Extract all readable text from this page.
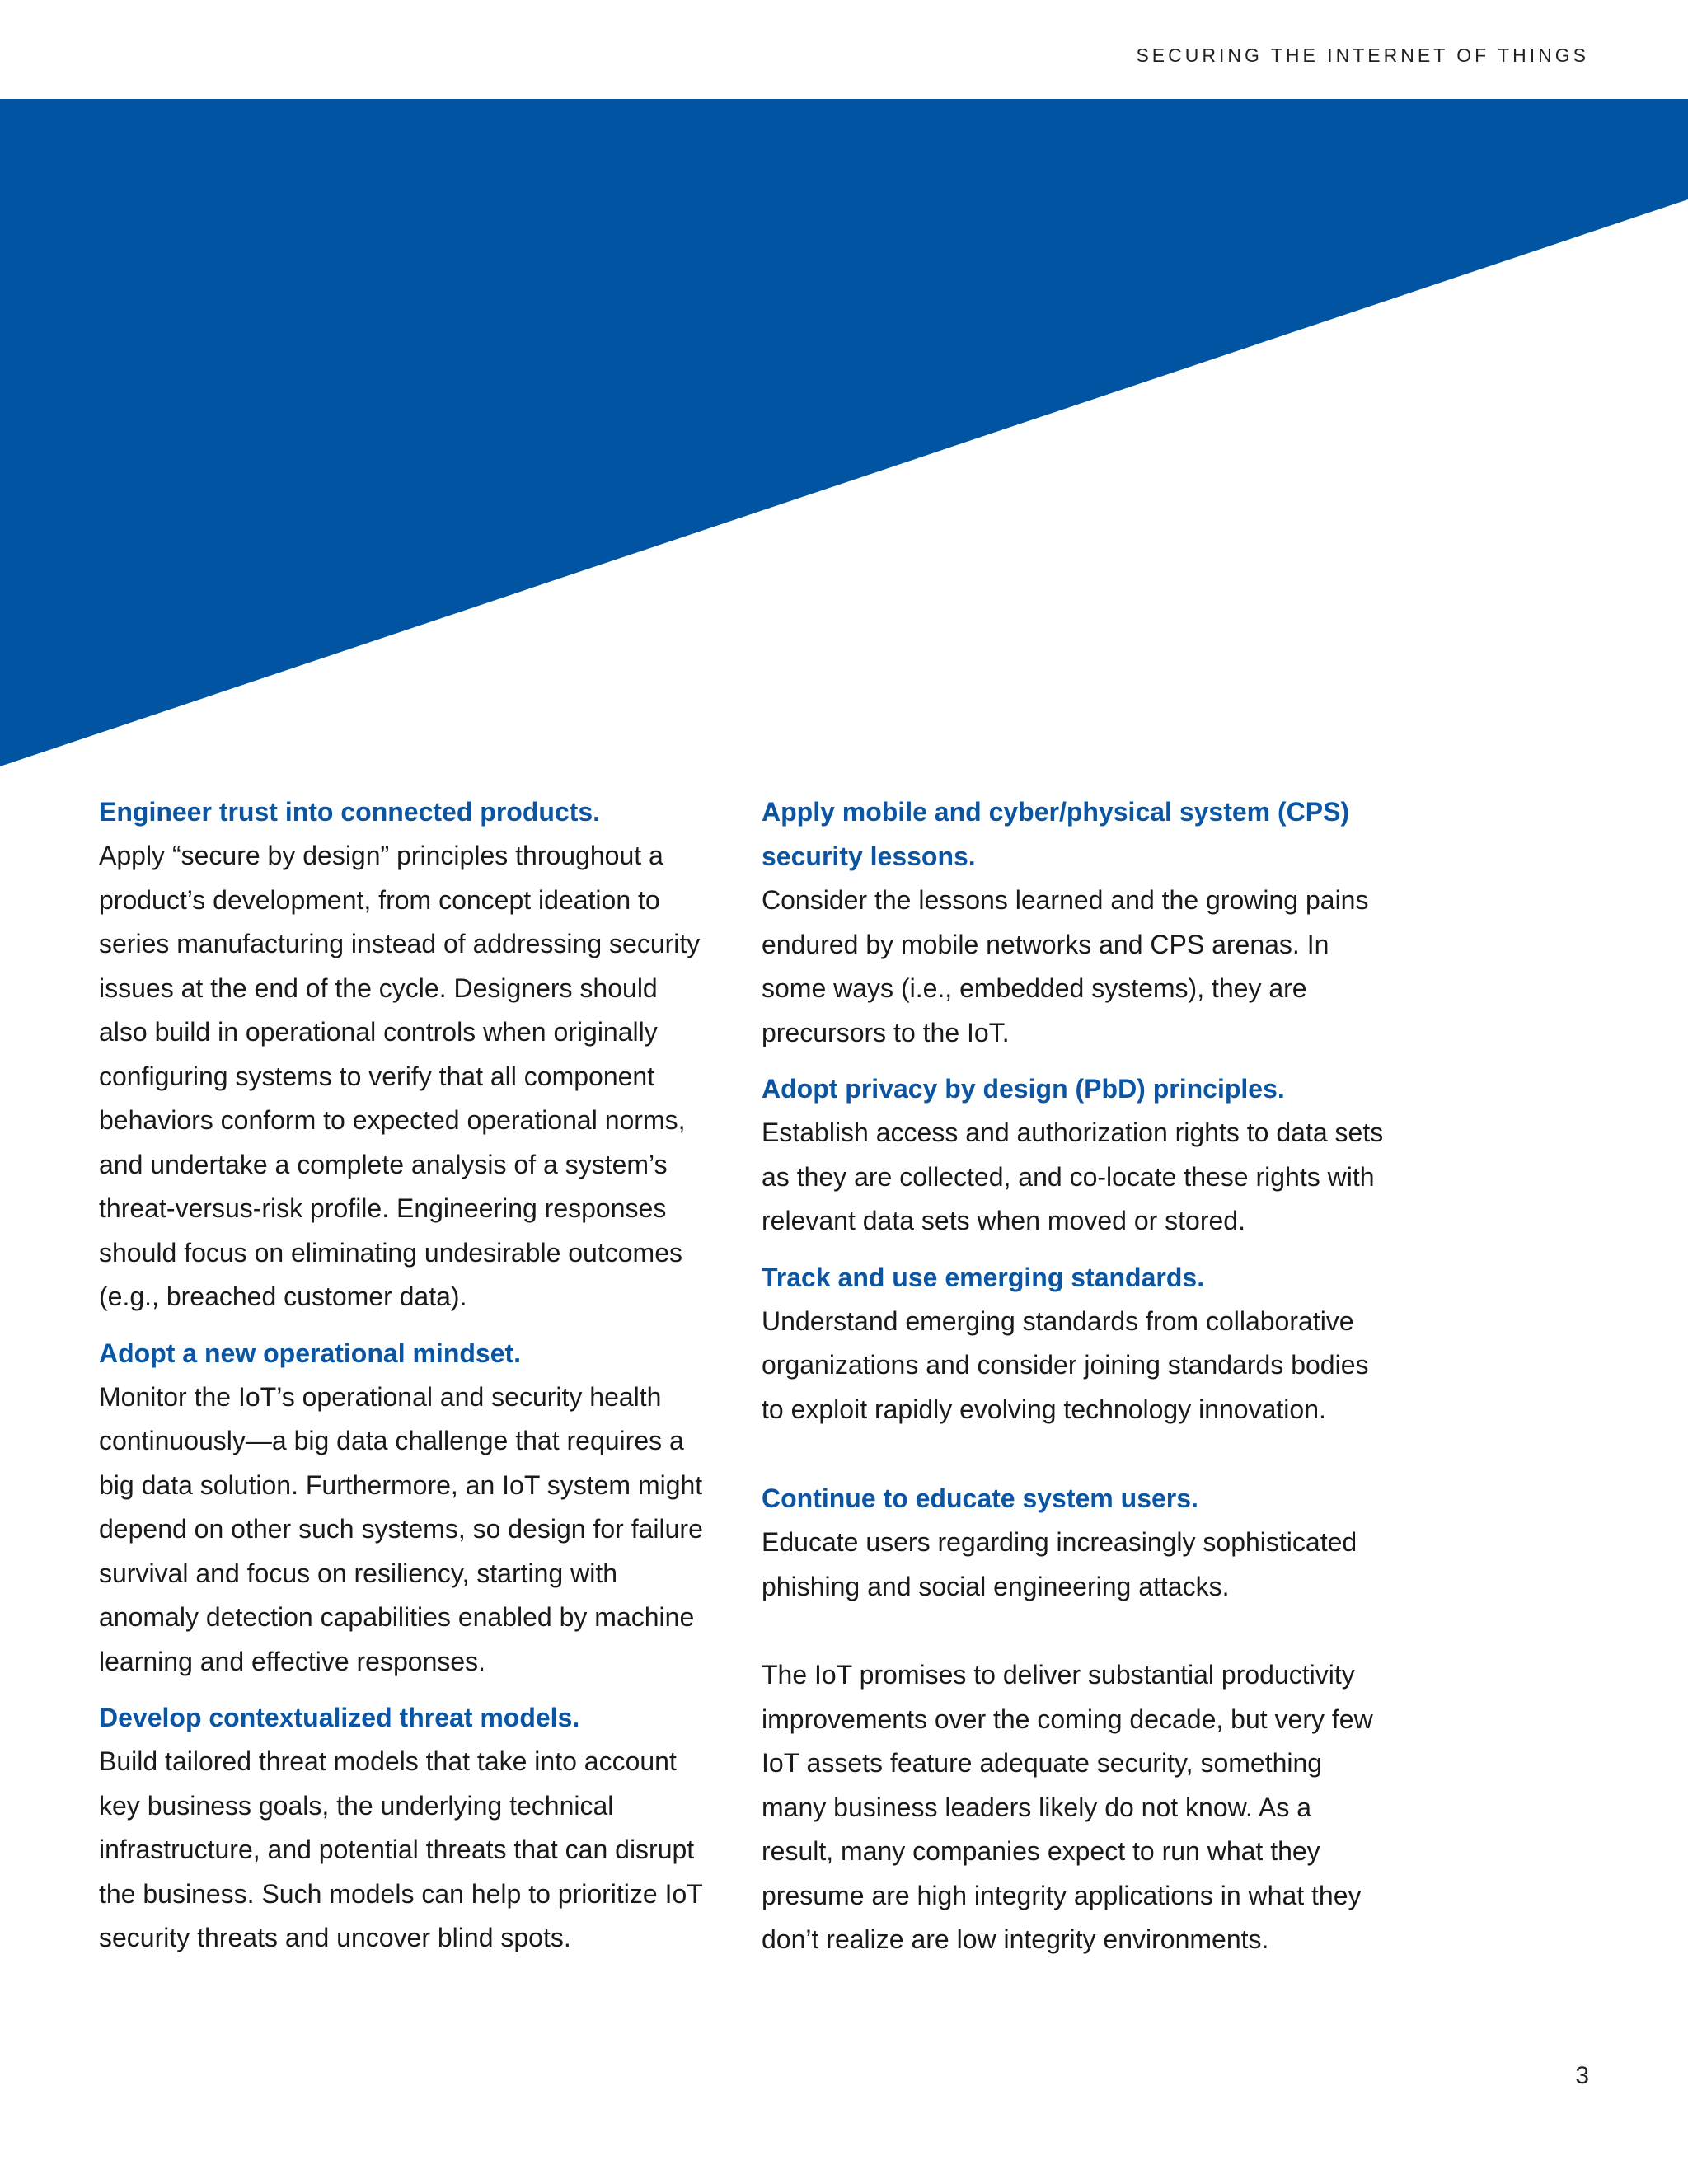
SECURING THE INTERNET OF THINGS
Engineer trust into connected products.

Apply “secure by design” principles throughout a product’s development, from concept ideation to series manufacturing instead of addressing security issues at the end of the cycle. Designers should also build in operational controls when originally configuring systems to verify that all component behaviors conform to expected operational norms, and undertake a complete analysis of a system’s threat-versus-risk profile. Engineering responses should focus on eliminating undesirable outcomes (e.g., breached customer data).

Adopt a new operational mindset.

Monitor the IoT’s operational and security health continuously—a big data challenge that requires a big data solution. Furthermore, an IoT system might depend on other such systems, so design for failure survival and focus on resiliency, starting with anomaly detection capabilities enabled by machine learning and effective responses.

Develop contextualized threat models.

Build tailored threat models that take into account key business goals, the underlying technical infrastructure, and potential threats that can disrupt the business. Such models can help to prioritize IoT security threats and uncover blind spots.

Apply mobile and cyber/physical system (CPS) security lessons.

Consider the lessons learned and the growing pains endured by mobile networks and CPS arenas. In some ways (i.e., embedded systems), they are precursors to the IoT.

Adopt privacy by design (PbD) principles.

Establish access and authorization rights to data sets as they are collected, and co-locate these rights with relevant data sets when moved or stored.

Track and use emerging standards.

Understand emerging standards from collaborative organizations and consider joining standards bodies to exploit rapidly evolving technology innovation.

Continue to educate system users.

Educate users regarding increasingly sophisticated phishing and social engineering attacks.

The IoT promises to deliver substantial productivity improvements over the coming decade, but very few IoT assets feature adequate security, something many business leaders likely do not know. As a result, many companies expect to run what they presume are high integrity applications in what they don’t realize are low integrity environments.

3
